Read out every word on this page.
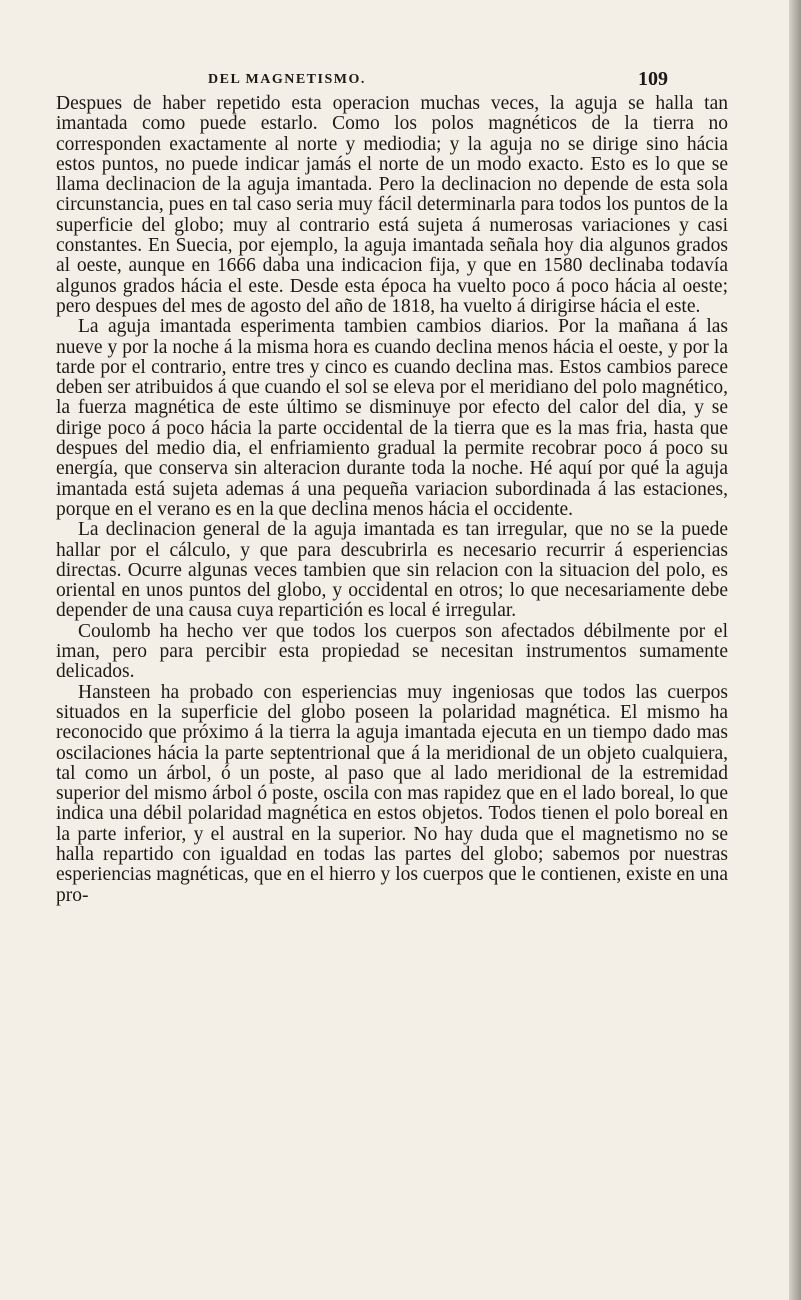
DEL MAGNETISMO.	109

Despues de haber repetido esta operacion muchas veces, la aguja se halla tan imantada como puede estarlo. Como los polos magnéticos de la tierra no corresponden exactamente al norte y mediodia; y la aguja no se dirige sino hácia estos puntos, no puede indicar jamás el norte de un modo exacto. Esto es lo que se llama declinacion de la aguja imantada. Pero la declinacion no depende de esta sola circunstancia, pues en tal caso seria muy fácil determinarla para todos los puntos de la superficie del globo; muy al contrario está sujeta á numerosas variaciones y casi constantes. En Suecia, por ejemplo, la aguja imantada señala hoy dia algunos grados al oeste, aunque en 1666 daba una indicacion fija, y que en 1580 declinaba todavía algunos grados hácia el este. Desde esta época ha vuelto poco á poco hácia al oeste; pero despues del mes de agosto del año de 1818, ha vuelto á dirigirse hácia el este.

La aguja imantada esperimenta tambien cambios diarios. Por la mañana á las nueve y por la noche á la misma hora es cuando declina menos hácia el oeste, y por la tarde por el contrario, entre tres y cinco es cuando declina mas. Estos cambios parece deben ser atribuidos á que cuando el sol se eleva por el meridiano del polo magnético, la fuerza magnética de este último se disminuye por efecto del calor del dia, y se dirige poco á poco hácia la parte occidental de la tierra que es la mas fria, hasta que despues del medio dia, el enfriamiento gradual la permite recobrar poco á poco su energía, que conserva sin alteracion durante toda la noche. Hé aquí por qué la aguja imantada está sujeta ademas á una pequeña variacion subordinada á las estaciones, porque en el verano es en la que declina menos hácia el occidente.

La declinacion general de la aguja imantada es tan irregular, que no se la puede hallar por el cálculo, y que para descubrirla es necesario recurrir á esperiencias directas. Ocurre algunas veces tambien que sin relacion con la situacion del polo, es oriental en unos puntos del globo, y occidental en otros; lo que necesariamente debe depender de una causa cuya repartición es local é irregular.

Coulomb ha hecho ver que todos los cuerpos son afectados débilmente por el iman, pero para percibir esta propiedad se necesitan instrumentos sumamente delicados.

Hansteen ha probado con esperiencias muy ingeniosas que todos las cuerpos situados en la superficie del globo poseen la polaridad magnética. El mismo ha reconocido que próximo á la tierra la aguja imantada ejecuta en un tiempo dado mas oscilaciones hácia la parte septentrional que á la meridional de un objeto cualquiera, tal como un árbol, ó un poste, al paso que al lado meridional de la estremidad superior del mismo árbol ó poste, oscila con mas rapidez que en el lado boreal, lo que indica una débil polaridad magnética en estos objetos. Todos tienen el polo boreal en la parte inferior, y el austral en la superior. No hay duda que el magnetismo no se halla repartido con igualdad en todas las partes del globo; sabemos por nuestras esperiencias magnéticas, que en el hierro y los cuerpos que le contienen, existe en una pro-
